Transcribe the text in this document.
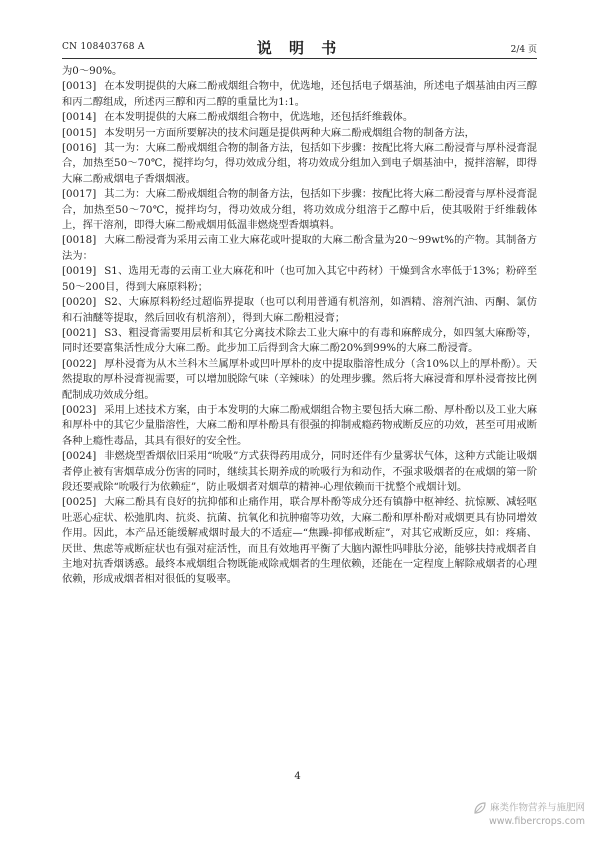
CN 108403768 A	说 明 书	2/4 页

为0～90%。

[0013] 在本发明提供的大麻二酚戒烟组合物中，优选地，还包括电子烟基油，所述电子烟基油由丙三醇和丙二醇组成，所述丙三醇和丙二醇的重量比为1:1。

[0014] 在本发明提供的大麻二酚戒烟组合物中，优选地，还包括纤维载体。

[0015] 本发明另一方面所要解决的技术问题是提供两种大麻二酚戒烟组合物的制备方法，

[0016] 其一为：大麻二酚戒烟组合物的制备方法，包括如下步骤：按配比将大麻二酚浸膏与厚朴浸膏混合，加热至50～70℃，搅拌均匀，得功效成分组，将功效成分组加入到电子烟基油中，搅拌溶解，即得大麻二酚戒烟电子香烟烟液。

[0017] 其二为：大麻二酚戒烟组合物的制备方法，包括如下步骤：按配比将大麻二酚浸膏与厚朴浸膏混合，加热至50～70℃，搅拌均匀，得功效成分组，将功效成分组溶于乙醇中后，使其吸附于纤维载体上，挥干溶剂，即得大麻二酚戒烟用低温非燃烧型香烟填料。

[0018] 大麻二酚浸膏为采用云南工业大麻花或叶提取的大麻二酚含量为20～99wt%的产物。其制备方法为：

[0019] S1、选用无毒的云南工业大麻花和叶（也可加入其它中药材）干燥到含水率低于13%；粉碎至50～200目，得到大麻原料粉；

[0020] S2、大麻原料粉经过超临界提取（也可以利用普通有机溶剂，如酒精、溶剂汽油、丙酮、氯仿和石油醚等提取，然后回收有机溶剂），得到大麻二酚粗浸膏；

[0021] S3、粗浸膏需要用层析和其它分离技术除去工业大麻中的有毒和麻醉成分，如四氢大麻酚等，同时还要富集活性成分大麻二酚。此步加工后得到含大麻二酚20%到99%的大麻二酚浸膏。

[0022] 厚朴浸膏为从木兰科木兰属厚朴或凹叶厚朴的皮中提取脂溶性成分（含10%以上的厚朴酚）。天然提取的厚朴浸膏视需要，可以增加脱除气味（辛辣味）的处理步骤。然后将大麻浸膏和厚朴浸膏按比例配制成功效成分组。

[0023] 采用上述技术方案，由于本发明的大麻二酚戒烟组合物主要包括大麻二酚、厚朴酚以及工业大麻和厚朴中的其它少量脂溶性，大麻二酚和厚朴酚具有很强的抑制戒瘾药物戒断反应的功效，甚至可用戒断各种上瘾性毒品，其具有很好的安全性。

[0024] 非燃烧型香烟依旧采用“吮吸”方式获得药用成分，同时还伴有少量雾状气体，这种方式能让吸烟者停止被有害烟草成分伤害的同时，继续其长期养成的吮吸行为和动作，不强求吸烟者的在戒烟的第一阶段还要戒除“吮吸行为依赖症”，防止吸烟者对烟草的精神-心理依赖而干扰整个戒烟计划。

[0025] 大麻二酚具有良好的抗抑郁和止痛作用，联合厚朴酚等成分还有镇静中枢神经、抗惊厥、减轻呕吐恶心症状、松弛肌肉、抗炎、抗菌、抗氧化和抗肿瘤等功效，大麻二酚和厚朴酚对戒烟更具有协同增效作用。因此，本产品还能缓解戒烟时最大的不适症—“焦躁-抑郁戒断症”，对其它戒断反应，如：疼痛、厌世、焦虑等戒断症状也有强对症活性，而且有效地再平衡了大脑内源性吗啡肽分泌，能够扶持戒烟者自主地对抗香烟诱惑。最终本戒烟组合物既能戒除戒烟者的生理依赖，还能在一定程度上解除戒烟者的心理依赖，形成戒烟者相对很低的复吸率。

4
麻类作物营养与施肥网
www.fibercrops.com
